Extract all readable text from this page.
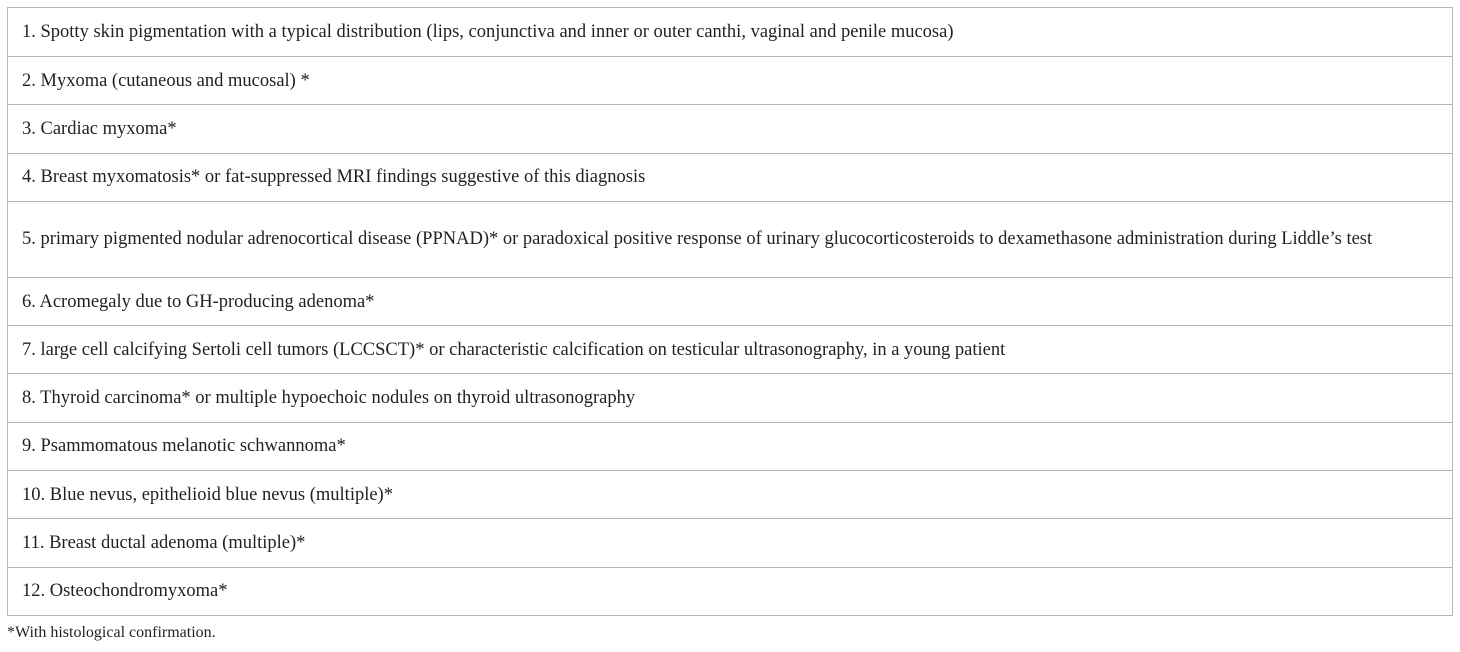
1. Spotty skin pigmentation with a typical distribution (lips, conjunctiva and inner or outer canthi, vaginal and penile mucosa)
2. Myxoma (cutaneous and mucosal) *
3. Cardiac myxoma*
4. Breast myxomatosis* or fat-suppressed MRI findings suggestive of this diagnosis
5. primary pigmented nodular adrenocortical disease (PPNAD)* or paradoxical positive response of urinary glucocorticosteroids to dexamethasone administration during Liddle’s test
6. Acromegaly due to GH-producing adenoma*
7. large cell calcifying Sertoli cell tumors (LCCSCT)* or characteristic calcification on testicular ultrasonography, in a young patient
8. Thyroid carcinoma* or multiple hypoechoic nodules on thyroid ultrasonography
9. Psammomatous melanotic schwannoma*
10. Blue nevus, epithelioid blue nevus (multiple)*
11. Breast ductal adenoma (multiple)*
12. Osteochondromyxoma*
*With histological confirmation.
